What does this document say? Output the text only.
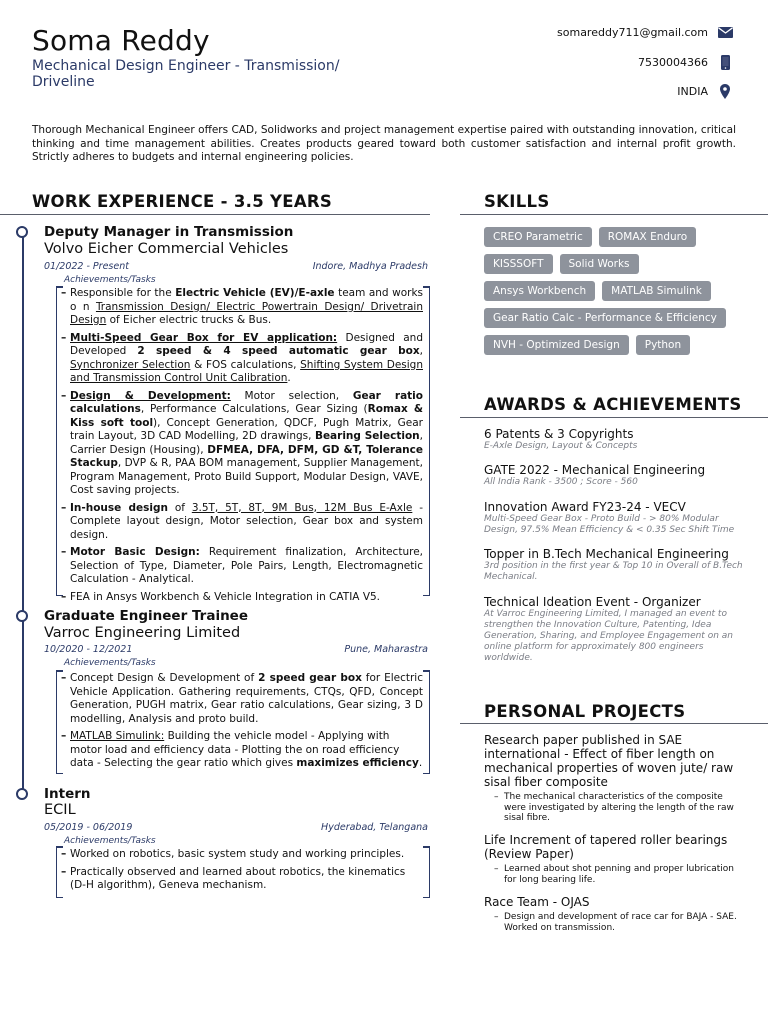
Soma Reddy
Mechanical Design Engineer - Transmission/ Driveline
somareddy711@gmail.com
7530004366
INDIA
Thorough Mechanical Engineer offers CAD, Solidworks and project management expertise paired with outstanding innovation, critical thinking and time management abilities. Creates products geared toward both customer satisfaction and internal profit growth. Strictly adheres to budgets and internal engineering policies.
WORK EXPERIENCE - 3.5 YEARS
Deputy Manager in Transmission
Volvo Eicher Commercial Vehicles
01/2022 - Present	Indore, Madhya Pradesh
Achievements/Tasks
– Responsible for the Electric Vehicle (EV)/E-axle team and works o n Transmission Design/ Electric Powertrain Design/ Drivetrain Design of Eicher electric trucks & Bus.
– Multi-Speed Gear Box for EV application: Designed and Developed 2 speed & 4 speed automatic gear box, Synchronizer Selection & FOS calculations, Shifting System Design and Transmission Control Unit Calibration.
– Design & Development: Motor selection, Gear ratio calculations, Performance Calculations, Gear Sizing (Romax & Kiss soft tool), Concept Generation, QDCF, Pugh Matrix, Gear train Layout, 3D CAD Modelling, 2D drawings, Bearing Selection, Carrier Design (Housing), DFMEA, DFA, DFM, GD &T, Tolerance Stackup, DVP & R, PAA BOM management, Supplier Management, Program Management, Proto Build Support, Modular Design, VAVE, Cost saving projects.
– In-house design of 3.5T, 5T, 8T, 9M Bus, 12M Bus E-Axle - Complete layout design, Motor selection, Gear box and system design.
– Motor Basic Design: Requirement finalization, Architecture, Selection of Type, Diameter, Pole Pairs, Length, Electromagnetic Calculation - Analytical.
– FEA in Ansys Workbench & Vehicle Integration in CATIA V5.
Graduate Engineer Trainee
Varroc Engineering Limited
10/2020 - 12/2021	Pune, Maharastra
Achievements/Tasks
– Concept Design & Development of 2 speed gear box for Electric Vehicle Application. Gathering requirements, CTQs, QFD, Concept Generation, PUGH matrix, Gear ratio calculations, Gear sizing, 3 D modelling, Analysis and proto build.
– MATLAB Simulink: Building the vehicle model - Applying with motor load and efficiency data - Plotting the on road efficiency data - Selecting the gear ratio which gives maximizes efficiency.
Intern
ECIL
05/2019 - 06/2019	Hyderabad, Telangana
Achievements/Tasks
– Worked on robotics, basic system study and working principles.
– Practically observed and learned about robotics, the kinematics (D-H algorithm), Geneva mechanism.
SKILLS
CREO Parametric	ROMAX Enduro
KISSSOFT	Solid Works
Ansys Workbench	MATLAB Simulink
Gear Ratio Calc - Performance & Efficiency
NVH - Optimized Design	Python
AWARDS & ACHIEVEMENTS
6 Patents & 3 Copyrights
E-Axle Design, Layout & Concepts
GATE 2022 - Mechanical Engineering
All India Rank - 3500 ; Score - 560
Innovation Award FY23-24 - VECV
Multi-Speed Gear Box - Proto Build - > 80% Modular Design, 97.5% Mean Efficiency & < 0.35 Sec Shift Time
Topper in B.Tech Mechanical Engineering
3rd position in the first year & Top 10 in Overall of B.Tech Mechanical.
Technical Ideation Event - Organizer
At Varroc Engineering Limited, I managed an event to strengthen the Innovation Culture, Patenting, Idea Generation, Sharing, and Employee Engagement on an online platform for approximately 800 engineers worldwide.
PERSONAL PROJECTS
Research paper published in SAE international - Effect of fiber length on mechanical properties of woven jute/ raw sisal fiber composite
– The mechanical characteristics of the composite were investigated by altering the length of the raw sisal fibre.
Life Increment of tapered roller bearings (Review Paper)
– Learned about shot penning and proper lubrication for long bearing life.
Race Team - OJAS
– Design and development of race car for BAJA - SAE. Worked on transmission.
